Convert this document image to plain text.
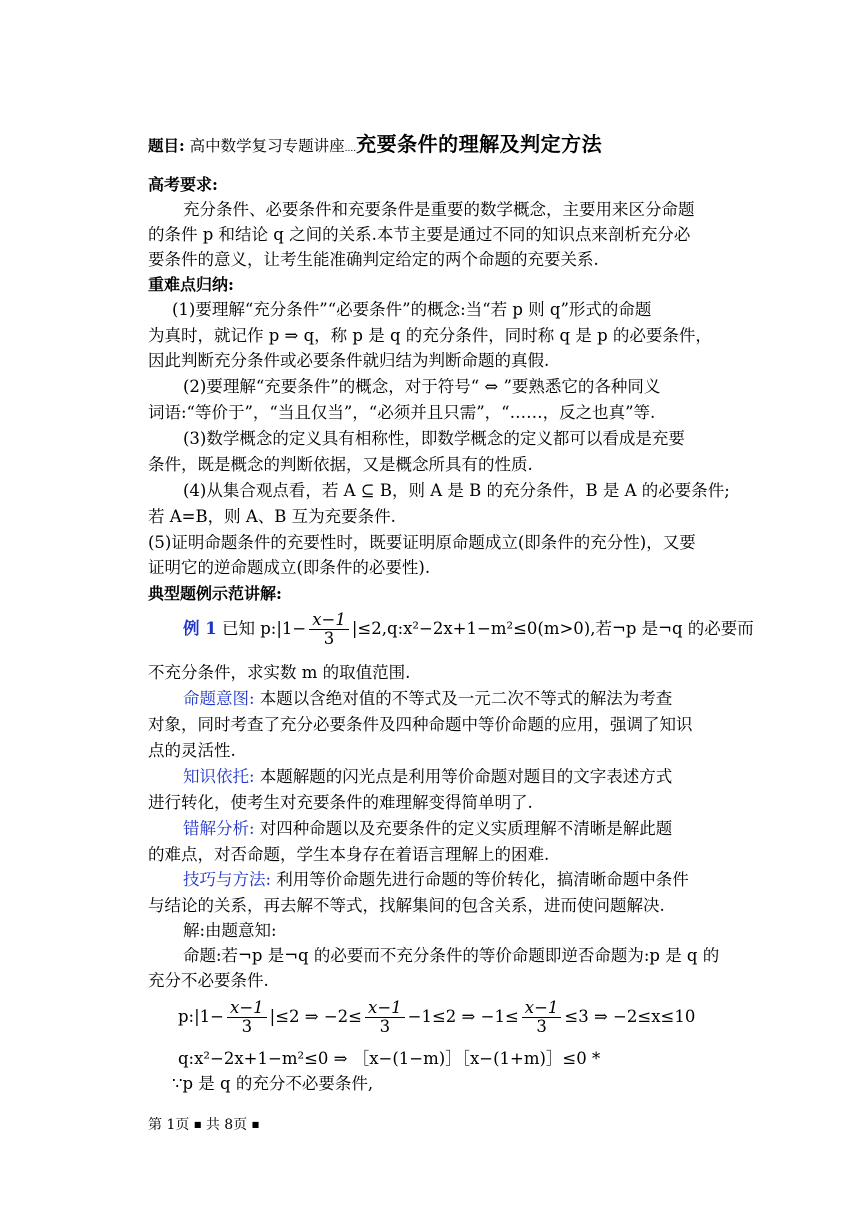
题目: 高中数学复习专题讲座....充要条件的理解及判定方法
高考要求:
充分条件、必要条件和充要条件是重要的数学概念，主要用来区分命题
的条件 p 和结论 q 之间的关系.本节主要是通过不同的知识点来剖析充分必
要条件的意义，让考生能准确判定给定的两个命题的充要关系.
重难点归纳:
(1)要理解“充分条件”“必要条件”的概念:当“若 p 则 q”形式的命题
为真时，就记作 p ⇒ q，称 p 是 q 的充分条件，同时称 q 是 p 的必要条件，
因此判断充分条件或必要条件就归结为判断命题的真假.
(2)要理解“充要条件”的概念，对于符号“ ⇔ ”要熟悉它的各种同义
词语:“等价于”，“当且仅当”，“必须并且只需”，“……，反之也真”等.
(3)数学概念的定义具有相称性，即数学概念的定义都可以看成是充要
条件，既是概念的判断依据，又是概念所具有的性质.
(4)从集合观点看，若 A ⊆ B，则 A 是 B 的充分条件，B 是 A 的必要条件;
若 A=B，则 A、B 互为充要条件.
(5)证明命题条件的充要性时，既要证明原命题成立(即条件的充分性)，又要
证明它的逆命题成立(即条件的必要性).
典型题例示范讲解:
例 1 已知 p:|1− $\frac{x-1}{3}$ |≤2,q:x²−2x+1−m²≤0(m>0),若¬p 是¬q 的必要而
不充分条件，求实数 m 的取值范围.
命题意图: 本题以含绝对值的不等式及一元二次不等式的解法为考查
对象，同时考查了充分必要条件及四种命题中等价命题的应用，强调了知识
点的灵活性.
知识依托: 本题解题的闪光点是利用等价命题对题目的文字表述方式
进行转化，使考生对充要条件的难理解变得简单明了.
错解分析: 对四种命题以及充要条件的定义实质理解不清晰是解此题
的难点，对否命题，学生本身存在着语言理解上的困难.
技巧与方法: 利用等价命题先进行命题的等价转化，搞清晰命题中条件
与结论的关系，再去解不等式，找解集间的包含关系，进而使问题解决.
解:由题意知:
命题:若¬p 是¬q 的必要而不充分条件的等价命题即逆否命题为:p 是 q 的
充分不必要条件.
p:|1− $\frac{x-1}{3} |\le 2$ ⇒ $-2\le \frac{x-1}{3} -1\le 2$ ⇒ $-1\le \frac{x-1}{3} \le 3$ ⇒ −2≤x≤10
q:x²−2x+1−m²≤0 ⇒ ［x−(1−m)］［x−(1+m)］≤0 *
∵p 是 q 的充分不必要条件,
第 1页 ■ 共 8页 ■
